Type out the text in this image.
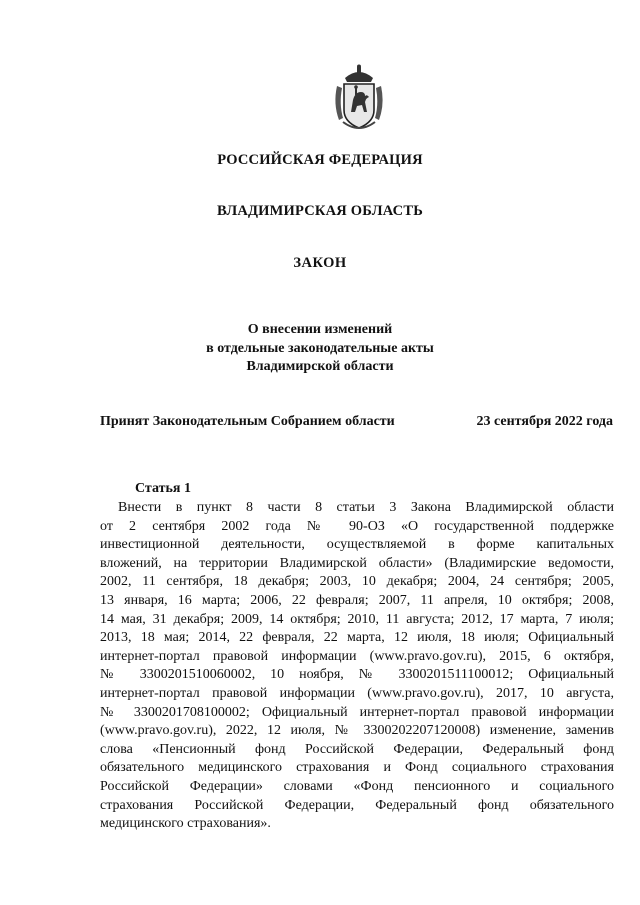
РОССИЙСКАЯ ФЕДЕРАЦИЯ
ВЛАДИМИРСКАЯ ОБЛАСТЬ
ЗАКОН
О внесении изменений
в отдельные законодательные акты
Владимирской области
Принят Законодательным Собранием области	23 сентября 2022 года
Статья 1
Внести в пункт 8 части 8 статьи 3 Закона Владимирской области
от 2 сентября 2002 года № 90-ОЗ «О государственной поддержке
инвестиционной деятельности, осуществляемой в форме капитальных
вложений, на территории Владимирской области» (Владимирские ведомости,
2002, 11 сентября, 18 декабря; 2003, 10 декабря; 2004, 24 сентября; 2005,
13 января, 16 марта; 2006, 22 февраля; 2007, 11 апреля, 10 октября; 2008,
14 мая, 31 декабря; 2009, 14 октября; 2010, 11 августа; 2012, 17 марта, 7 июля;
2013, 18 мая; 2014, 22 февраля, 22 марта, 12 июля, 18 июля; Официальный
интернет-портал правовой информации (www.pravo.gov.ru), 2015, 6 октября,
№ 3300201510060002, 10 ноября, № 3300201511100012; Официальный
интернет-портал правовой информации (www.pravo.gov.ru), 2017, 10 августа,
№ 3300201708100002; Официальный интернет-портал правовой информации
(www.pravo.gov.ru), 2022, 12 июля, № 3300202207120008) изменение, заменив
слова «Пенсионный фонд Российской Федерации, Федеральный фонд
обязательного медицинского страхования и Фонд социального страхования
Российской Федерации» словами «Фонд пенсионного и социального
страхования Российской Федерации, Федеральный фонд обязательного
медицинского страхования».
